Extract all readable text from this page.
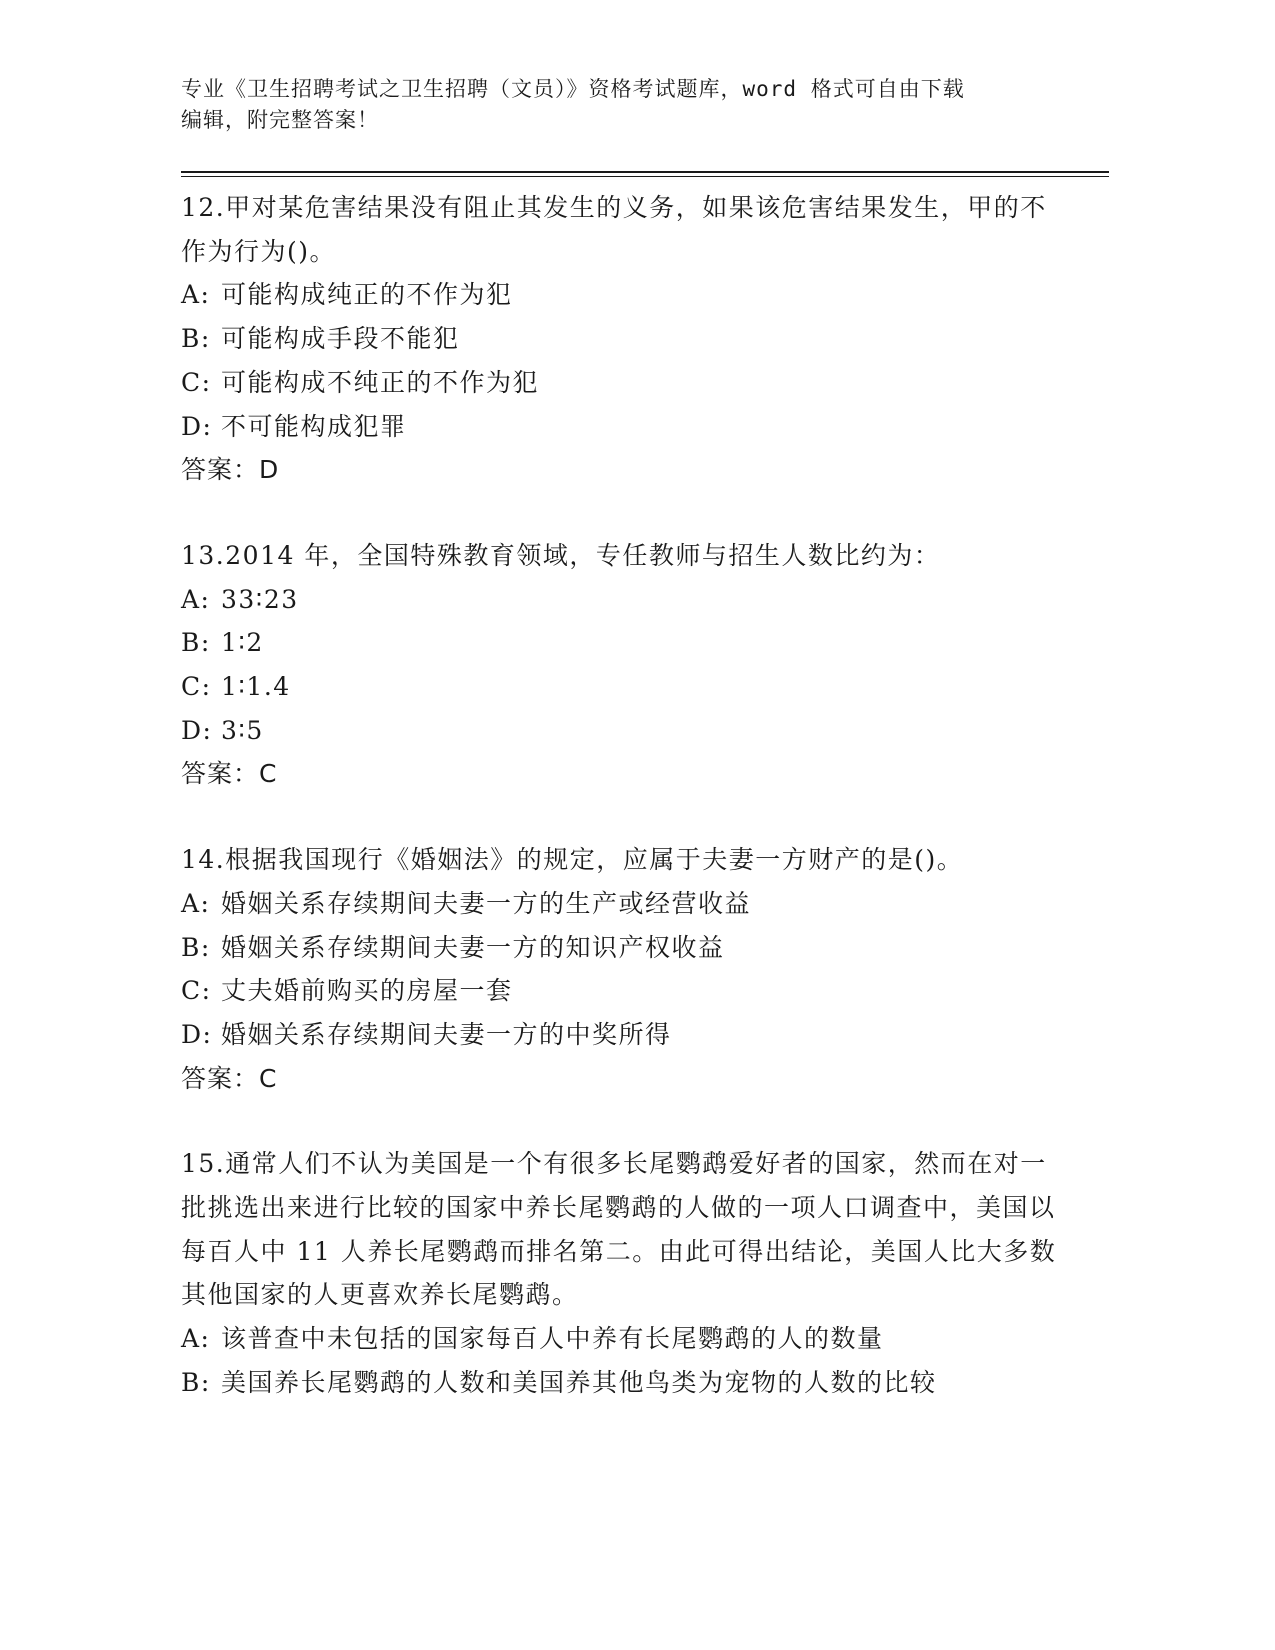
专业《卫生招聘考试之卫生招聘（文员）》资格考试题库，word 格式可自由下载
编辑，附完整答案！

12.甲对某危害结果没有阻止其发生的义务，如果该危害结果发生，甲的不作为行为()。

A: 可能构成纯正的不作为犯

B: 可能构成手段不能犯

C: 可能构成不纯正的不作为犯

D: 不可能构成犯罪

答案：D

13.2014 年，全国特殊教育领域，专任教师与招生人数比约为：

A: 33∶23

B: 1∶2

C: 1∶1.4

D: 3∶5

答案：C

14.根据我国现行《婚姻法》的规定，应属于夫妻一方财产的是()。

A: 婚姻关系存续期间夫妻一方的生产或经营收益

B: 婚姻关系存续期间夫妻一方的知识产权收益

C: 丈夫婚前购买的房屋一套

D: 婚姻关系存续期间夫妻一方的中奖所得

答案：C

15.通常人们不认为美国是一个有很多长尾鹦鹉爱好者的国家，然而在对一批挑选出来进行比较的国家中养长尾鹦鹉的人做的一项人口调查中，美国以每百人中 11 人养长尾鹦鹉而排名第二。由此可得出结论，美国人比大多数其他国家的人更喜欢养长尾鹦鹉。

A: 该普查中未包括的国家每百人中养有长尾鹦鹉的人的数量

B: 美国养长尾鹦鹉的人数和美国养其他鸟类为宠物的人数的比较
